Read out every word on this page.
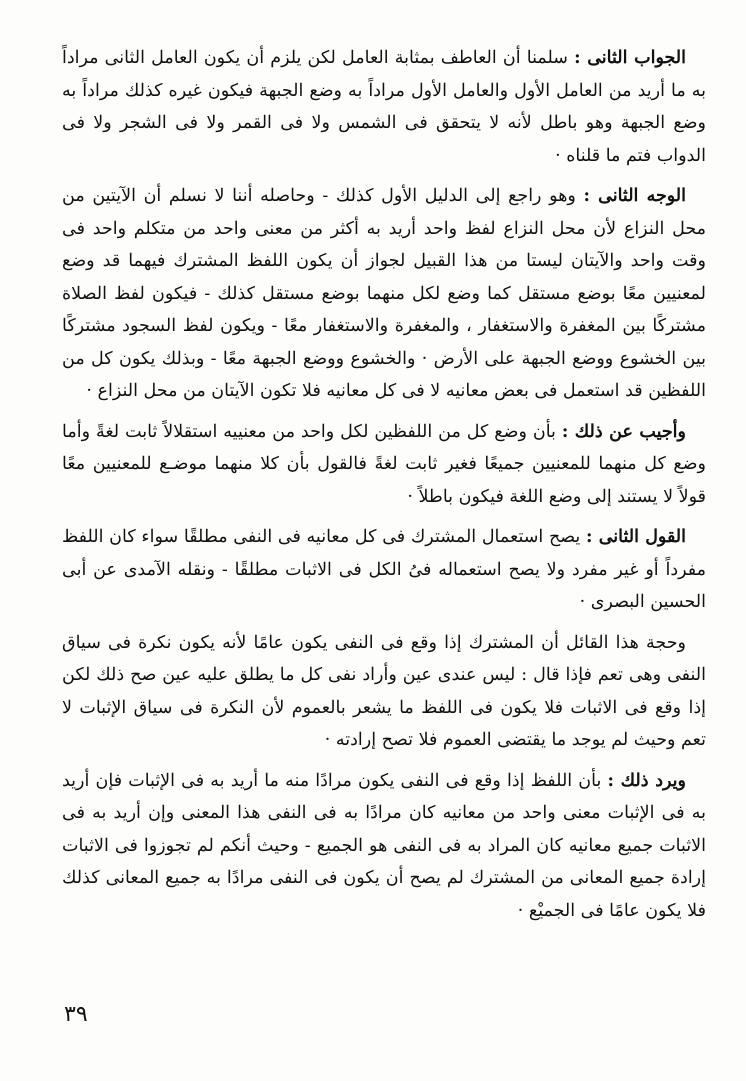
الجواب الثانى : سلمنا أن العاطف بمثابة العامل لكن يلزم أن يكون العامل الثانى مراداً به ما أريد من العامل الأول والعامل الأول مراداً به وضع الجبهة فيكون غيره كذلك مراداً به وضع الجبهة وهو باطل لأنه لا يتحقق فى الشمس ولا فى القمر ولا فى الشجر ولا فى الدواب فتم ما قلناه ·

الوجه الثانى : وهو راجع إلى الدليل الأول كذلك - وحاصله أننا لا نسلم أن الآيتين من محل النزاع لأن محل النزاع لفظ واحد أريد به أكثر من معنى واحد من متكلم واحد فى وقت واحد والآيتان ليستا من هذا القبيل لجواز أن يكون اللفظ المشترك فيهما قد وضع لمعنيين معًا بوضع مستقل كما وضع لكل منهما بوضع مستقل كذلك - فيكون لفظ الصلاة مشتركًا بين المغفرة والاستغفار ، والمغفرة والاستغفار معًا - ويكون لفظ السجود مشتركًا بين الخشوع ووضع الجبهة على الأرض · والخشوع ووضع الجبهة معًا - وبذلك يكون كل من اللفظين قد استعمل فى بعض معانيه لا فى كل معانيه فلا تكون الآيتان من محل النزاع ·

وأجيب عن ذلك : بأن وضع كل من اللفظين لكل واحد من معنييه استقلالاً ثابت لغةً وأما وضع كل منهما للمعنيين جميعًا فغير ثابت لغةً فالقول بأن كلا منهما موضـع للمعنيين معًا قولاً لا يستند إلى وضع اللغة فيكون باطلاً ·

القول الثانى : يصح استعمال المشترك فى كل معانيه فى النفى مطلقًا سواء كان اللفظ مفرداً أو غير مفرد ولا يصح استعماله فىُ الكل فى الاثبات مطلقًا - ونقله الآمدى عن أبى الحسين البصرى ·

وحجة هذا القائل أن المشترك إذا وقع فى النفى يكون عامًا لأنه يكون نكرة فى سياق النفى وهى تعم فإذا قال : ليس عندى عين وأراد نفى كل ما يطلق عليه عين صح ذلك لكن إذا وقع فى الاثبات فلا يكون فى اللفظ ما يشعر بالعموم لأن النكرة فى سياق الإثبات لا تعم وحيث لم يوجد ما يقتضى العموم فلا تصح إرادته ·

ويرد ذلك : بأن اللفظ إذا وقع فى النفى يكون مرادًا منه ما أريد به فى الإثبات فإن أريد به فى الإثبات معنى واحد من معانيه كان مرادًا به فى النفى هذا المعنى وإن أريد به فى الاثبات جميع معانيه كان المراد به فى النفى هو الجميع - وحيث أنكم لم تجوزوا فى الاثبات إرادة جميع المعانى من المشترك لم يصح أن يكون فى النفى مرادًا به جميع المعانى كذلك فلا يكون عامًا فى الجميْع ·

٣٩
